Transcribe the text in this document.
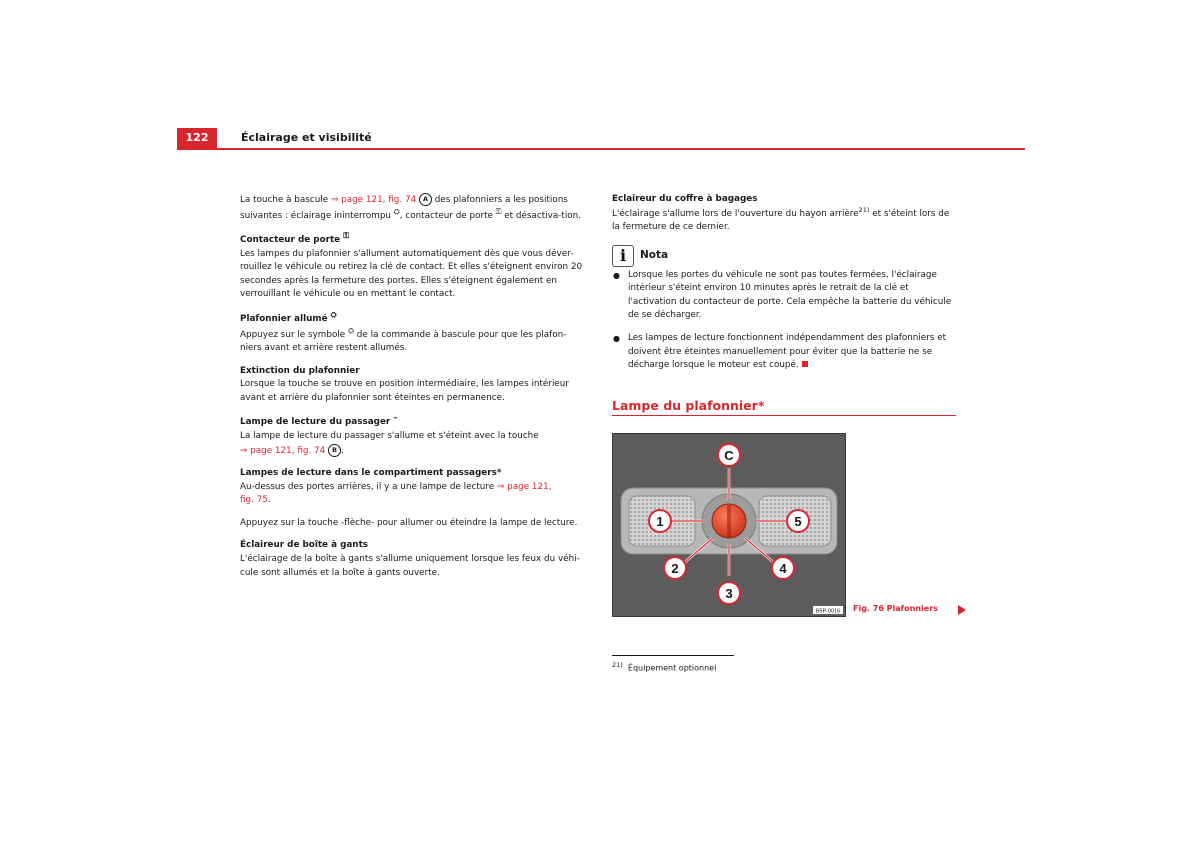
122	Éclairage et visibilité

La touche à bascule ⇒ page 121, fig. 74 A des plafonniers a les positions suivantes : éclairage ininterrompu ⛭, contacteur de porte ⚿ et désactiva-tion.

Contacteur de porte ⚿

Les lampes du plafonnier s'allument automatiquement dès que vous déver-rouillez le véhicule ou retirez la clé de contact. Et elles s'éteignent environ 20 secondes après la fermeture des portes. Elles s'éteignent également en verrouillant le véhicule ou en mettant le contact.

Plafonnier allumé ⛭

Appuyez sur le symbole ⛭ de la commande à bascule pour que les plafon-niers avant et arrière restent allumés.

Extinction du plafonnier

Lorsque la touche se trouve en position intermédiaire, les lampes intérieur avant et arrière du plafonnier sont éteintes en permanence.

Lampe de lecture du passager ⌁

La lampe de lecture du passager s'allume et s'éteint avec la touche
⇒ page 121, fig. 74 B .

Lampes de lecture dans le compartiment passagers*

Au-dessus des portes arrières, il y a une lampe de lecture ⇒ page 121,
fig. 75.

Appuyez sur la touche -flèche- pour allumer ou éteindre la lampe de lecture.

Éclaireur de boîte à gants

L'éclairage de la boîte à gants s'allume uniquement lorsque les feux du véhi-cule sont allumés et la boîte à gants ouverte.

Eclaireur du coffre à bagages

L'éclairage s'allume lors de l'ouverture du hayon arrière$^{21)}$ et s'éteint lors de la fermeture de ce dernier.

i	Nota

● Lorsque les portes du véhicule ne sont pas toutes fermées, l'éclairage intérieur s'éteint environ 10 minutes après le retrait de la clé et l'activation du contacteur de porte. Cela empêche la batterie du véhicule de se décharger.

● Les lampes de lecture fonctionnent indépendamment des plafonniers et doivent être éteintes manuellement pour éviter que la batterie ne se décharge lorsque le moteur est coupé.

Lampe du plafonnier*
C
1	5
2	4
3
B5P-0016 Fig. 76 Plafonniers
$^{21)}$ Équipement optionnel
